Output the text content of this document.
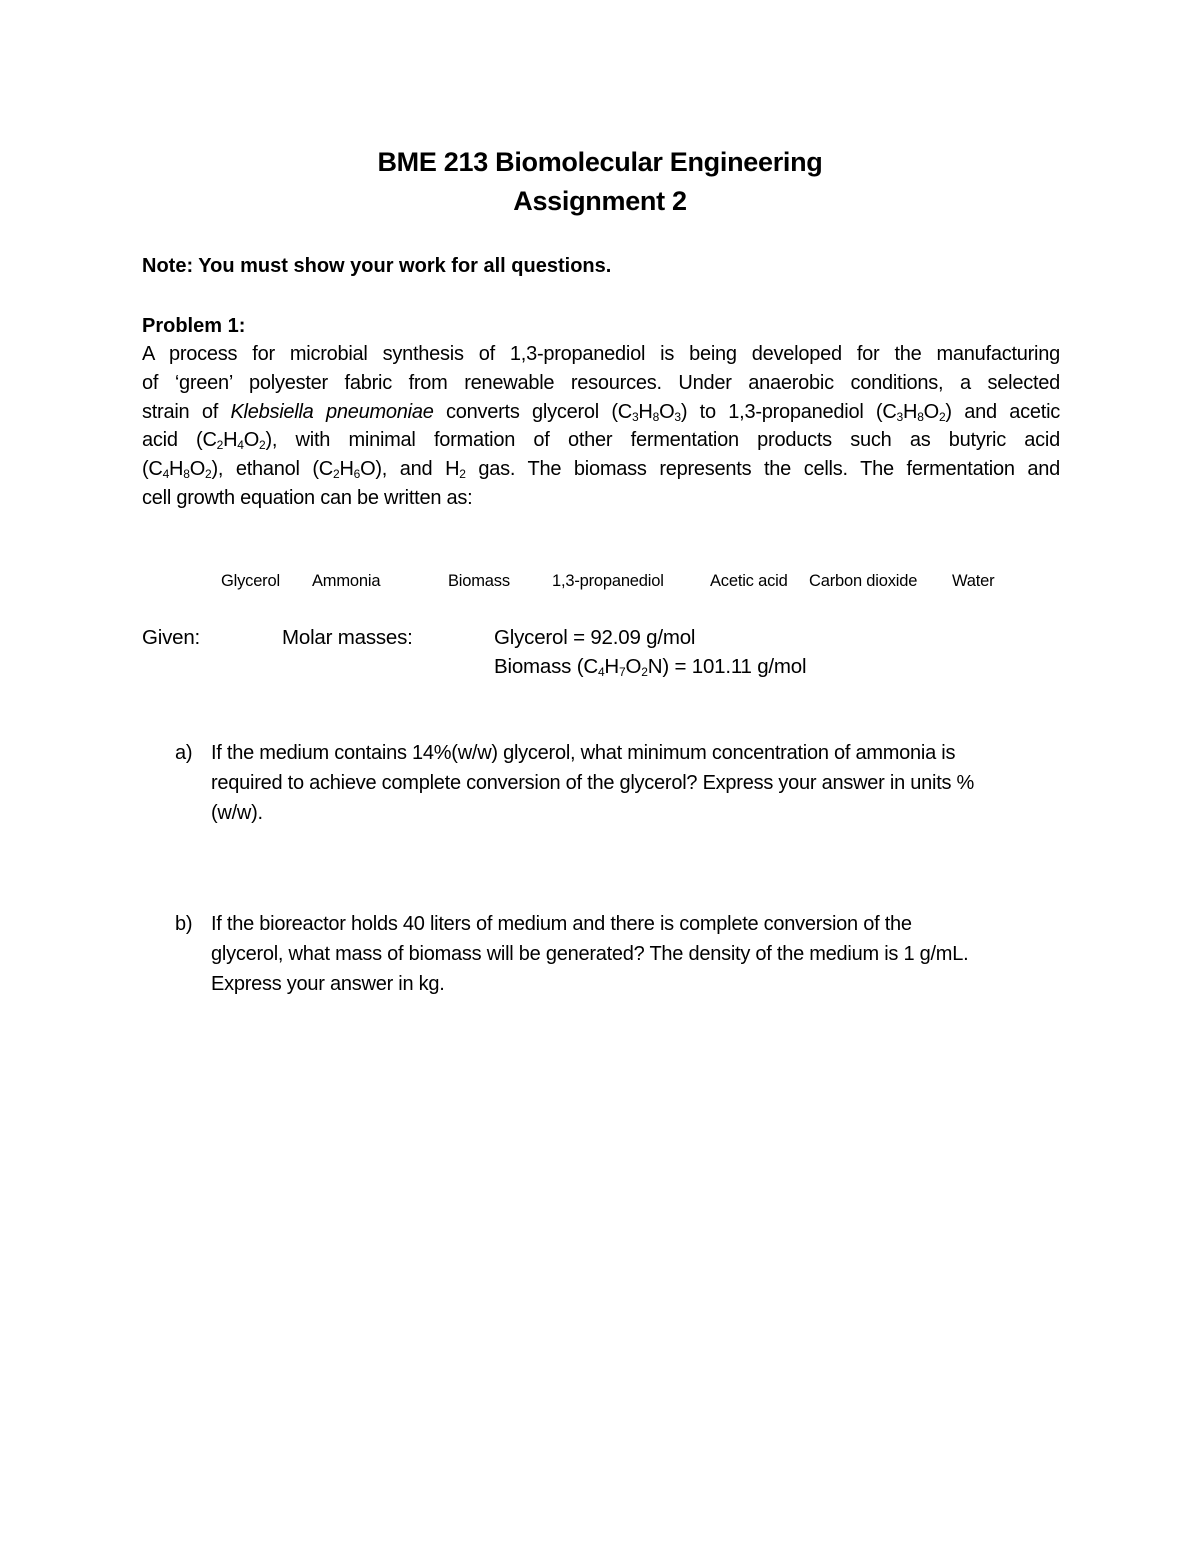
BME 213 Biomolecular Engineering
Assignment 2
Note: You must show your work for all questions.
Problem 1:
A process for microbial synthesis of 1,3-propanediol is being developed for the manufacturing
of ‘green’ polyester fabric from renewable resources. Under anaerobic conditions, a selected
strain of Klebsiella pneumoniae converts glycerol $(C_3H_8O_3)$ to 1,3-propanediol $(C_3H_8O_2)$ and acetic
acid $(C_2H_4O_2)$, with minimal formation of other fermentation products such as butyric acid
$(C_4H_8O_2)$, ethanol $(C_2H_6O)$, and $H_2$ gas. The biomass represents the cells. The fermentation and
cell growth equation can be written as:
Glycerol Ammonia	Biomass	1,3-propanediol	Acetic acid Carbon dioxide Water
Given:	Molar masses:	Glycerol = 92.09 g/mol
Biomass $(C_4H_7O_2N) = 101.11$ g/mol
a) If the medium contains 14%(w/w) glycerol, what minimum concentration of ammonia is
required to achieve complete conversion of the glycerol? Express your answer in units %
(w/w).
b) If the bioreactor holds 40 liters of medium and there is complete conversion of the
glycerol, what mass of biomass will be generated? The density of the medium is 1 g/mL.
Express your answer in kg.
